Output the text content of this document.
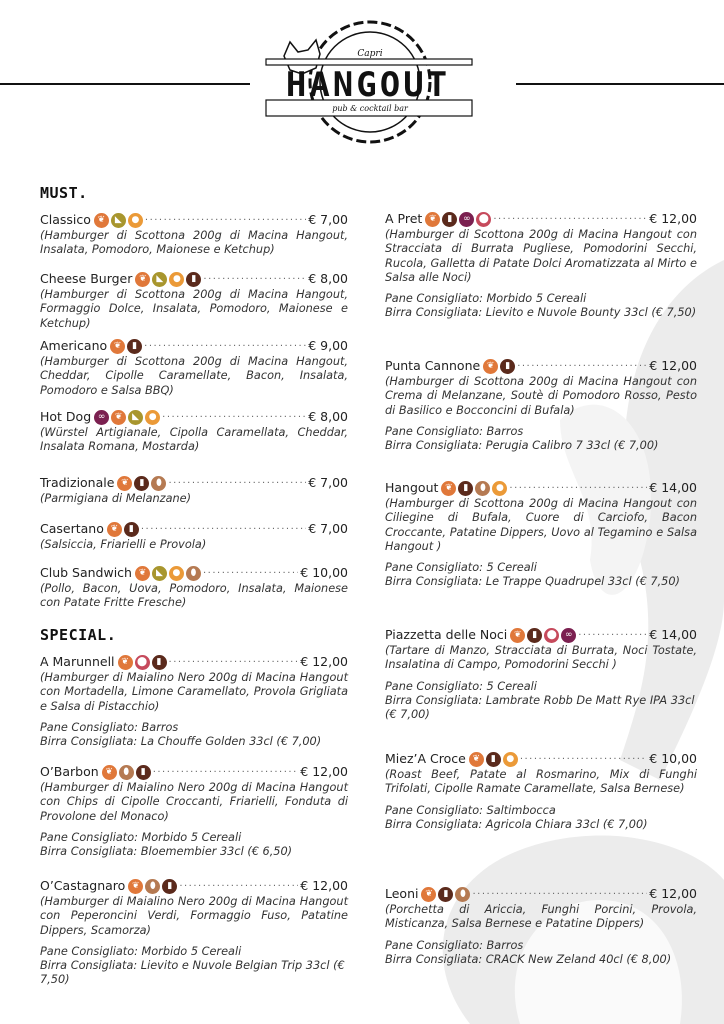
Capri
HANGOUT
pub & cocktail bar
MUST.
SPECIAL.
Classico ❦	◣	● .....	€ 7,00
(Hamburger di Scottona 200g di Macina Hangout, Insalata, Pomodoro, Maionese e Ketchup)
Cheese Burger ❦	◣	●	▮ .....	€ 8,00
(Hamburger di Scottona 200g di Macina Hangout, Formaggio Dolce, Insalata, Pomodoro, Maionese e Ketchup)
Americano ❦	▮ .....	€ 9,00
(Hamburger di Scottona 200g di Macina Hangout, Cheddar, Cipolle Caramellate, Bacon, Insalata, Pomodoro e Salsa BBQ)
Hot Dog ∞	❦	◣	● .....	€ 8,00
(Würstel Artigianale, Cipolla Caramellata, Cheddar, Insalata Romana, Mostarda)
Tradizionale ❦	▮	⬮ .....	€ 7,00
(Parmigiana di Melanzane)
Casertano ❦	▮ .....	€ 7,00
(Salsiccia, Friarielli e Provola)
Club Sandwich ❦	◣	●	⬮ .....	€ 10,00
(Pollo, Bacon, Uova, Pomodoro, Insalata, Maionese con Patate Fritte Fresche)
A Marunnell ❦ ⬤	▮ .....	€ 12,00
(Hamburger di Maialino Nero 200g di Macina Hangout con Mortadella, Limone Caramellato, Provola Grigliata e Salsa di Pistacchio)
Pane Consigliato: Barros
Birra Consigliata: La Chouffe Golden 33cl (€ 7,00)
O’Barbon ❦	⬮	▮ .....	€ 12,00
(Hamburger di Maialino Nero 200g di Macina Hangout con Chips di Cipolle Croccanti, Friarielli, Fonduta di Provolone del Monaco)
Pane Consigliato: Morbido 5 Cereali
Birra Consigliata: Bloemembier 33cl (€ 6,50)
O’Castagnaro ❦	⬮	▮ .....	€ 12,00
(Hamburger di Maialino Nero 200g di Macina Hangout con Peperoncini Verdi, Formaggio Fuso, Patatine Dippers, Scamorza)
Pane Consigliato: Morbido 5 Cereali
Birra Consigliata: Lievito e Nuvole Belgian Trip 33cl (€ 7,50)
A Pret ❦	▮	∞ ⬤ .....	€ 12,00
(Hamburger di Scottona 200g di Macina Hangout con Stracciata di Burrata Pugliese, Pomodorini Secchi, Rucola, Galletta di Patate Dolci Aromatizzata al Mirto e Salsa alle Noci)
Pane Consigliato: Morbido 5 Cereali
Birra Consigliata: Lievito e Nuvole Bounty 33cl (€ 7,50)
Punta Cannone ❦	▮ .....	€ 12,00
(Hamburger di Scottona 200g di Macina Hangout con Crema di Melanzane, Soutè di Pomodoro Rosso, Pesto di Basilico e Bocconcini di Bufala)
Pane Consigliato: Barros
Birra Consigliata: Perugia Calibro 7 33cl (€ 7,00)
Hangout ❦	▮	⬮	● .....	€ 14,00
(Hamburger di Scottona 200g di Macina Hangout con Ciliegine di Bufala, Cuore di Carciofo, Bacon Croccante, Patatine Dippers, Uovo al Tegamino e Salsa Hangout )
Pane Consigliato: 5 Cereali
Birra Consigliata: Le Trappe Quadrupel 33cl (€ 7,50)
Piazzetta delle Noci ❦	▮	⬤ ∞ .....	€ 14,00
(Tartare di Manzo, Stracciata di Burrata, Noci Tostate, Insalatina di Campo, Pomodorini Secchi )
Pane Consigliato: 5 Cereali
Birra Consigliata: Lambrate Robb De Matt Rye IPA 33cl (€ 7,00)
Miez’A Croce ❦	▮	● .....	€ 10,00
(Roast Beef, Patate al Rosmarino, Mix di Funghi Trifolati, Cipolle Ramate Caramellate, Salsa Bernese)
Pane Consigliato: Saltimbocca
Birra Consigliata: Agricola Chiara 33cl (€ 7,00)
Leoni ❦	▮	⬮ .....	€ 12,00
(Porchetta di Ariccia, Funghi Porcini, Provola, Misticanza, Salsa Bernese e Patatine Dippers)
Pane Consigliato: Barros
Birra Consigliata: CRACK New Zeland 40cl (€ 8,00)
